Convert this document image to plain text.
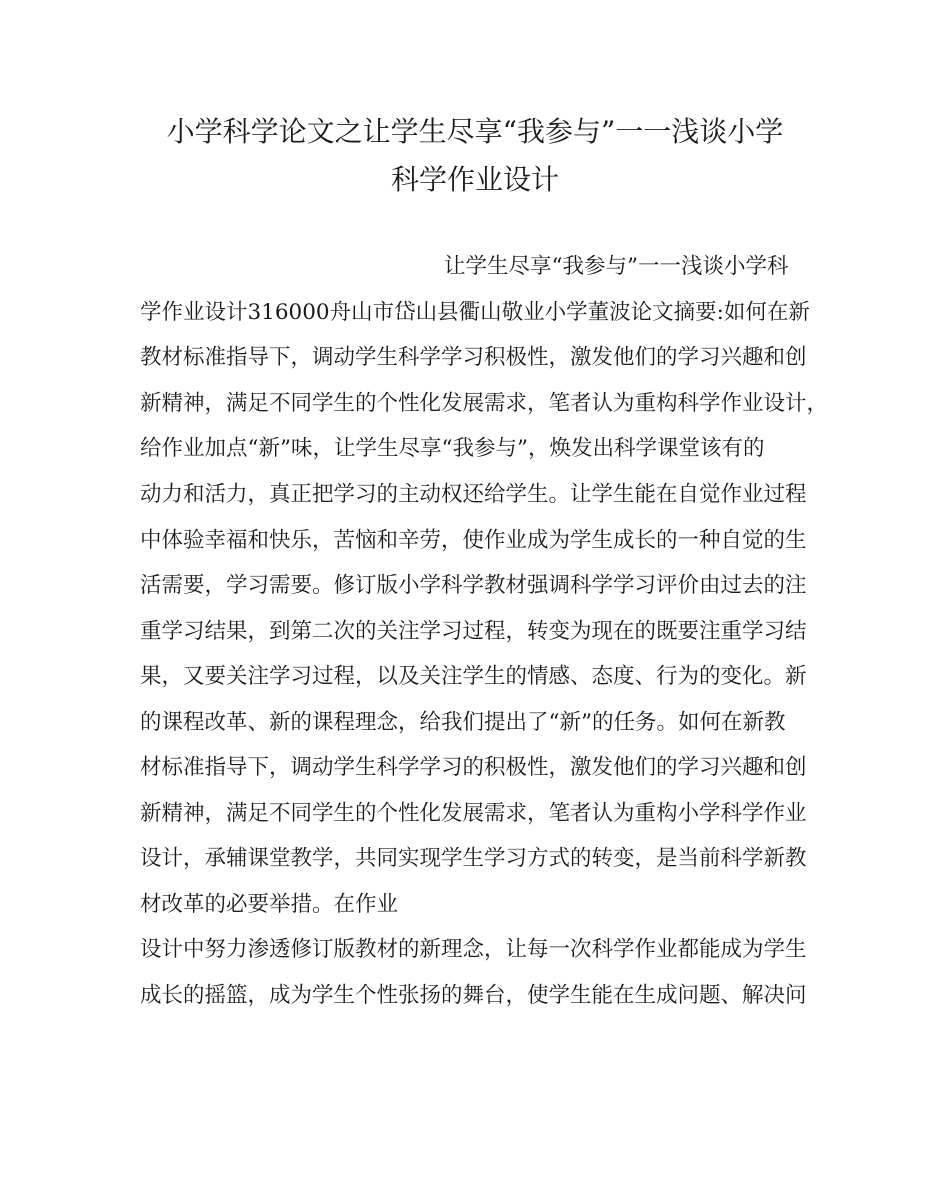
小学科学论文之让学生尽享“我参与”一一浅谈小学
科学作业设计
让学生尽享“我参与”一一浅谈小学科
学作业设计316000舟山市岱山县衢山敬业小学董波论文摘要:如何在新
教材标准指导下，调动学生科学学习积极性，激发他们的学习兴趣和创
新精神，满足不同学生的个性化发展需求，笔者认为重构科学作业设计，
给作业加点“新”味，让学生尽享“我参与”，焕发出科学课堂该有的
动力和活力，真正把学习的主动权还给学生。让学生能在自觉作业过程
中体验幸福和快乐，苦恼和辛劳，使作业成为学生成长的一种自觉的生
活需要，学习需要。修订版小学科学教材强调科学学习评价由过去的注
重学习结果，到第二次的关注学习过程，转变为现在的既要注重学习结
果，又要关注学习过程，以及关注学生的情感、态度、行为的变化。新
的课程改革、新的课程理念，给我们提出了“新”的任务。如何在新教
材标准指导下，调动学生科学学习的积极性，激发他们的学习兴趣和创
新精神，满足不同学生的个性化发展需求，笔者认为重构小学科学作业
设计，承辅课堂教学，共同实现学生学习方式的转变，是当前科学新教
材改革的必要举措。在作业
设计中努力渗透修订版教材的新理念，让每一次科学作业都能成为学生
成长的摇篮，成为学生个性张扬的舞台，使学生能在生成问题、解决问
